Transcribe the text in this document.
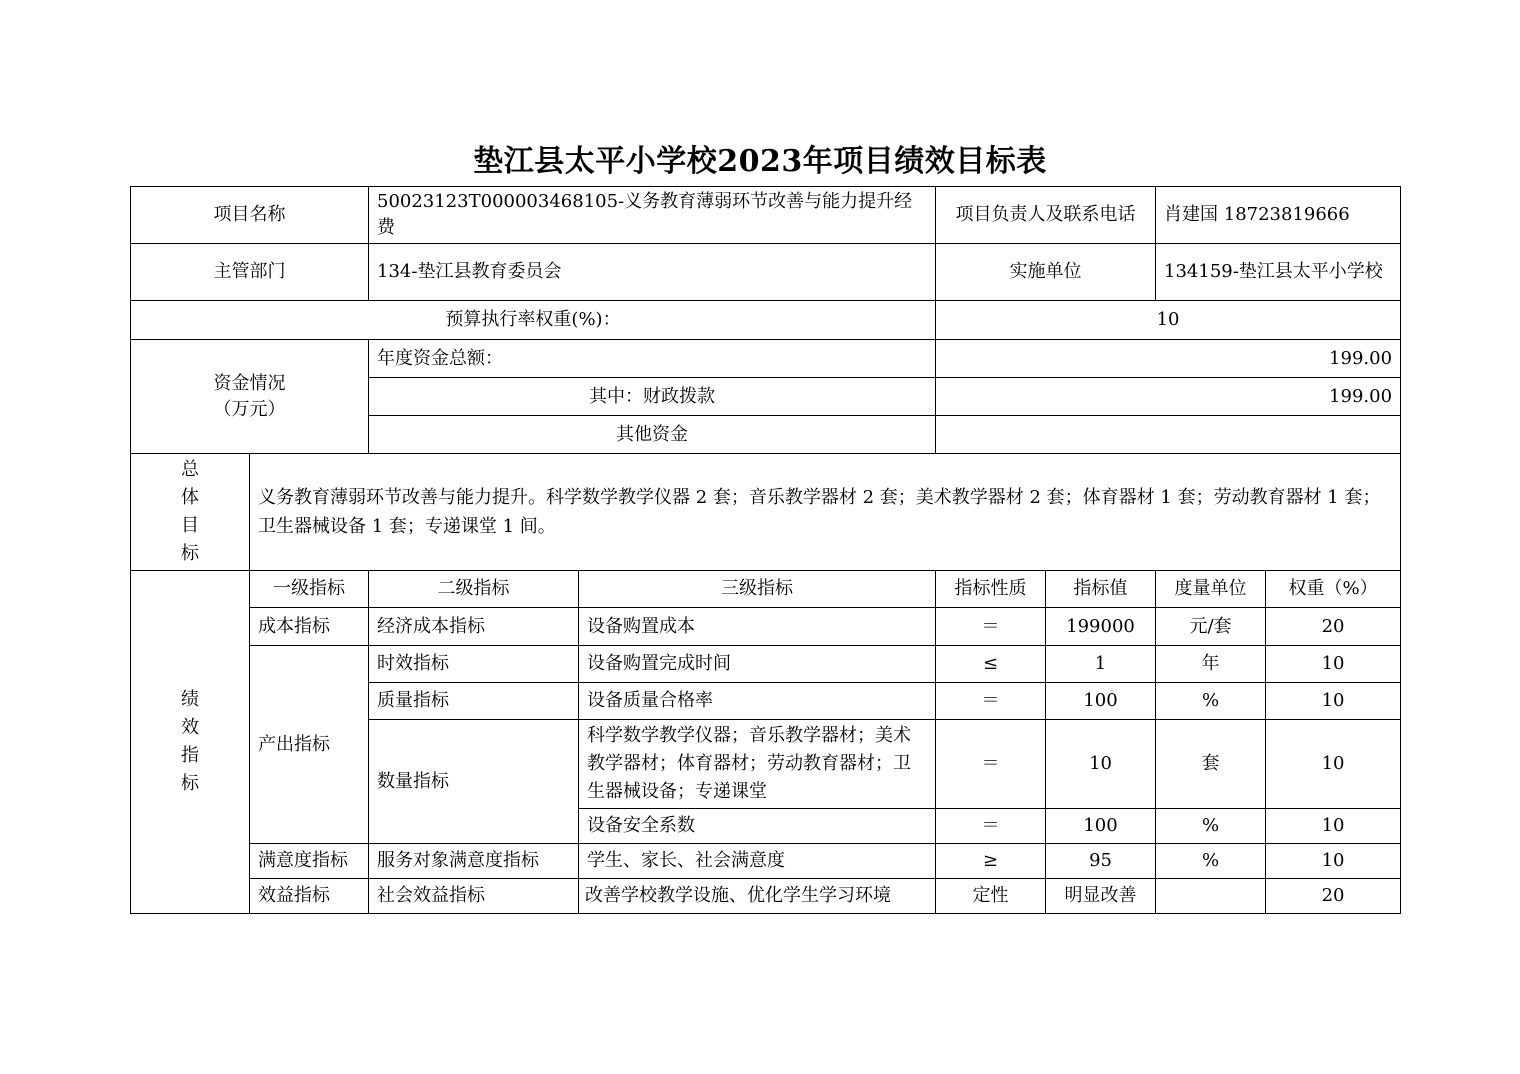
垫江县太平小学校2023年项目绩效目标表
项目名称		50023123T000003468105-义务教育薄弱环节改善与能力提升经费		项目负责人及联系电话		肖建国 18723819666	
主管部门		134-垫江县教育委员会		实施单位		134159-垫江县太平小学校	
预算执行率权重(%)：				10			

资金情况
（万元）		年度资金总额：		199.00			
		其中：财政拨款		199.00			
		其他资金					

总
体
目
标	义务教育薄弱环节改善与能力提升。科学数学教学仪器 2 套；音乐教学器材 2 套；美术教学器材 2 套；体育器材 1 套；劳动教育器材 1 套；卫生器械设备 1 套；专递课堂 1 间。						

绩
效
指
标	一级指标	二级指标	三级指标	指标性质	指标值	度量单位	权重（%）
	成本指标	经济成本指标	设备购置成本	＝	199000	元/套	20
	产出指标	时效指标	设备购置完成时间	≤	1	年	10
		质量指标	设备质量合格率	＝	100	%	10
		数量指标	科学数学教学仪器；音乐教学器材；美术教学器材；体育器材；劳动教育器材；卫生器械设备；专递课堂	＝	10	套	10
			设备安全系数	＝	100	%	10
	满意度指标	服务对象满意度指标	学生、家长、社会满意度	≥	95	%	10
	效益指标	社会效益指标	改善学校教学设施、优化学生学习环境	定性	明显改善		20
